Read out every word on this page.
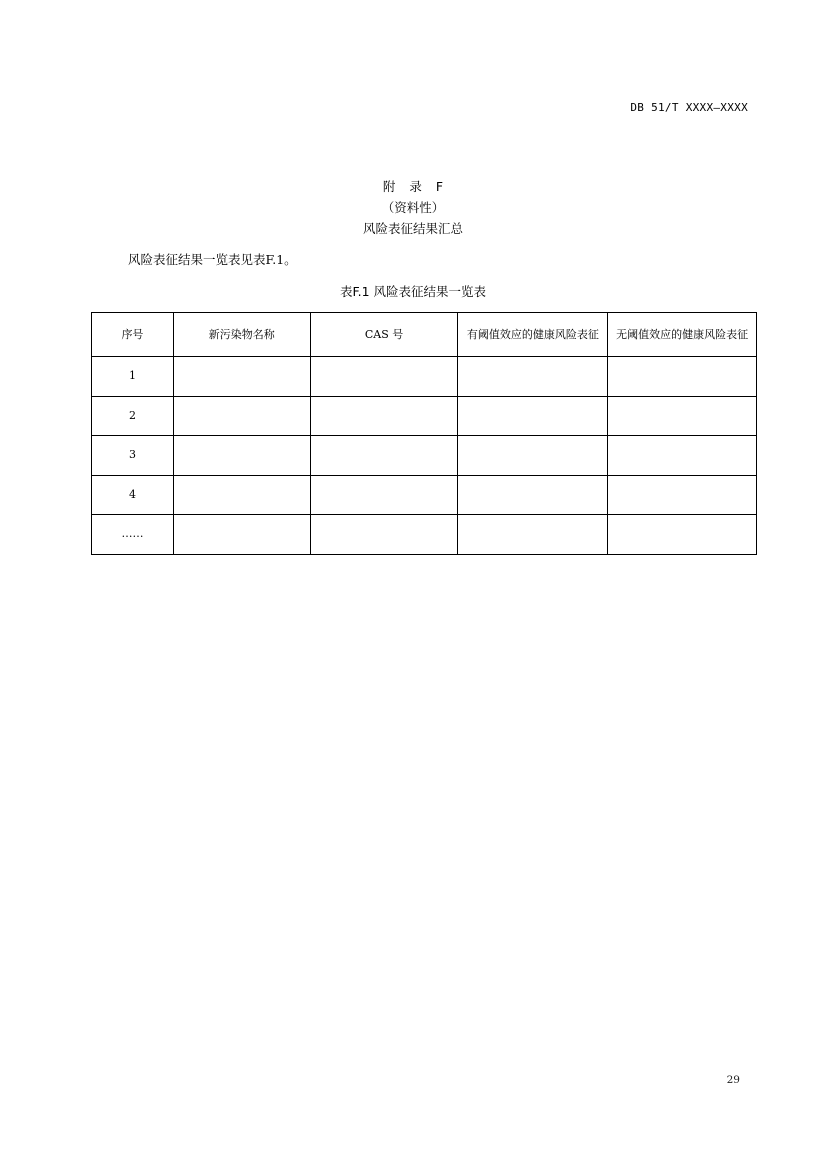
DB 51/T XXXX—XXXX
附 录 F
（资料性）
风险表征结果汇总
风险表征结果一览表见表F.1。
表F.1 风险表征结果一览表
序号	新污染物名称	CAS 号	有阈值效应的健康风险表征	无阈值效应的健康风险表征
1				
2				
3				
4				
……				
29
